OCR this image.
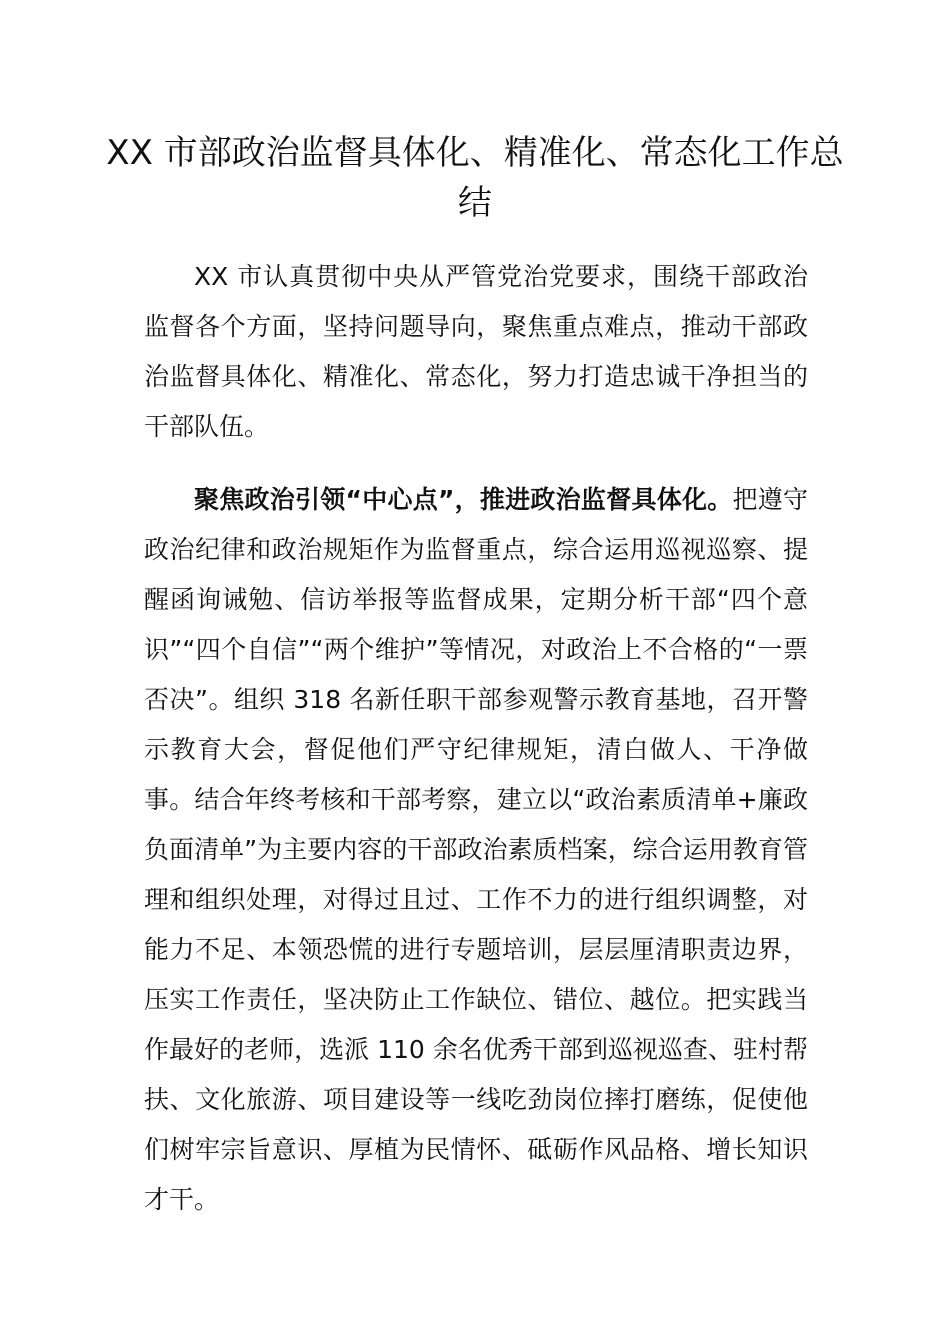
XX 市部政治监督具体化、精准化、常态化工作总结

XX 市认真贯彻中央从严管党治党要求，围绕干部政治监督各个方面，坚持问题导向，聚焦重点难点，推动干部政治监督具体化、精准化、常态化，努力打造忠诚干净担当的干部队伍。

聚焦政治引领“中心点”，推进政治监督具体化。把遵守政治纪律和政治规矩作为监督重点，综合运用巡视巡察、提醒函询诫勉、信访举报等监督成果，定期分析干部“四个意识”“四个自信”“两个维护”等情况，对政治上不合格的“一票否决”。组织 318 名新任职干部参观警示教育基地，召开警示教育大会，督促他们严守纪律规矩，清白做人、干净做事。结合年终考核和干部考察，建立以“政治素质清单+廉政负面清单”为主要内容的干部政治素质档案，综合运用教育管理和组织处理，对得过且过、工作不力的进行组织调整，对能力不足、本领恐慌的进行专题培训，层层厘清职责边界，压实工作责任，坚决防止工作缺位、错位、越位。把实践当作最好的老师，选派 110 余名优秀干部到巡视巡查、驻村帮扶、文化旅游、项目建设等一线吃劲岗位摔打磨练，促使他们树牢宗旨意识、厚植为民情怀、砥砺作风品格、增长知识才干。
